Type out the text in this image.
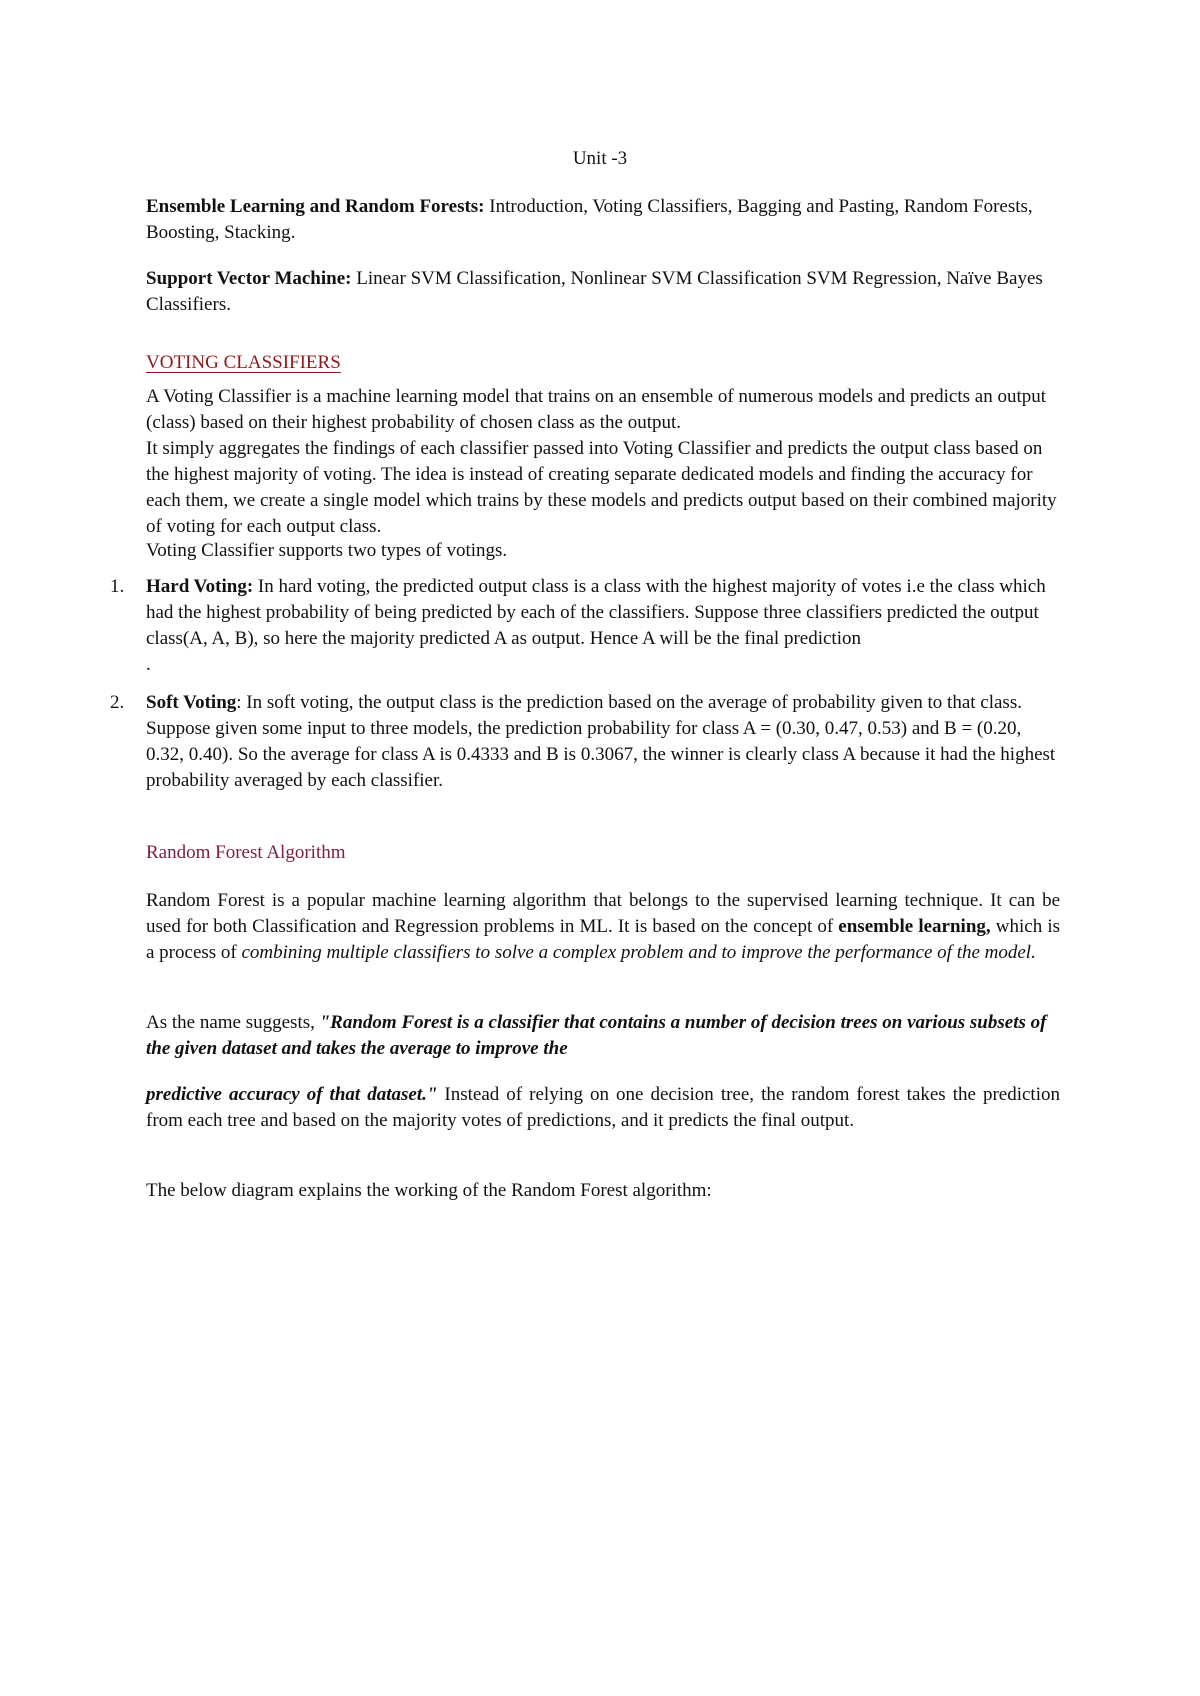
Unit -3

Ensemble Learning and Random Forests: Introduction, Voting Classifiers, Bagging and Pasting, Random Forests, Boosting, Stacking.

Support Vector Machine: Linear SVM Classification, Nonlinear SVM Classification SVM Regression, Naïve Bayes Classifiers.

VOTING CLASSIFIERS

A Voting Classifier is a machine learning model that trains on an ensemble of numerous models and predicts an output (class) based on their highest probability of chosen class as the output.
It simply aggregates the findings of each classifier passed into Voting Classifier and predicts the output class based on the highest majority of voting. The idea is instead of creating separate dedicated models and finding the accuracy for each them, we create a single model which trains by these models and predicts output based on their combined majority of voting for each output class.

Voting Classifier supports two types of votings.

1. Hard Voting: In hard voting, the predicted output class is a class with the highest majority of votes i.e the class which had the highest probability of being predicted by each of the classifiers. Suppose three classifiers predicted the output class(A, A, B), so here the majority predicted A as output. Hence A will be the final prediction
.

2. Soft Voting: In soft voting, the output class is the prediction based on the average of probability given to that class. Suppose given some input to three models, the prediction probability for class A = (0.30, 0.47, 0.53) and B = (0.20, 0.32, 0.40). So the average for class A is 0.4333 and B is 0.3067, the winner is clearly class A because it had the highest probability averaged by each classifier.

Random Forest Algorithm

Random Forest is a popular machine learning algorithm that belongs to the supervised learning technique. It can be used for both Classification and Regression problems in ML. It is based on the concept of ensemble learning, which is a process of combining multiple classifiers to solve a complex problem and to improve the performance of the model.

As the name suggests, "Random Forest is a classifier that contains a number of decision trees on various subsets of the given dataset and takes the average to improve the

predictive accuracy of that dataset." Instead of relying on one decision tree, the random forest takes the prediction from each tree and based on the majority votes of predictions, and it predicts the final output.

The below diagram explains the working of the Random Forest algorithm:
